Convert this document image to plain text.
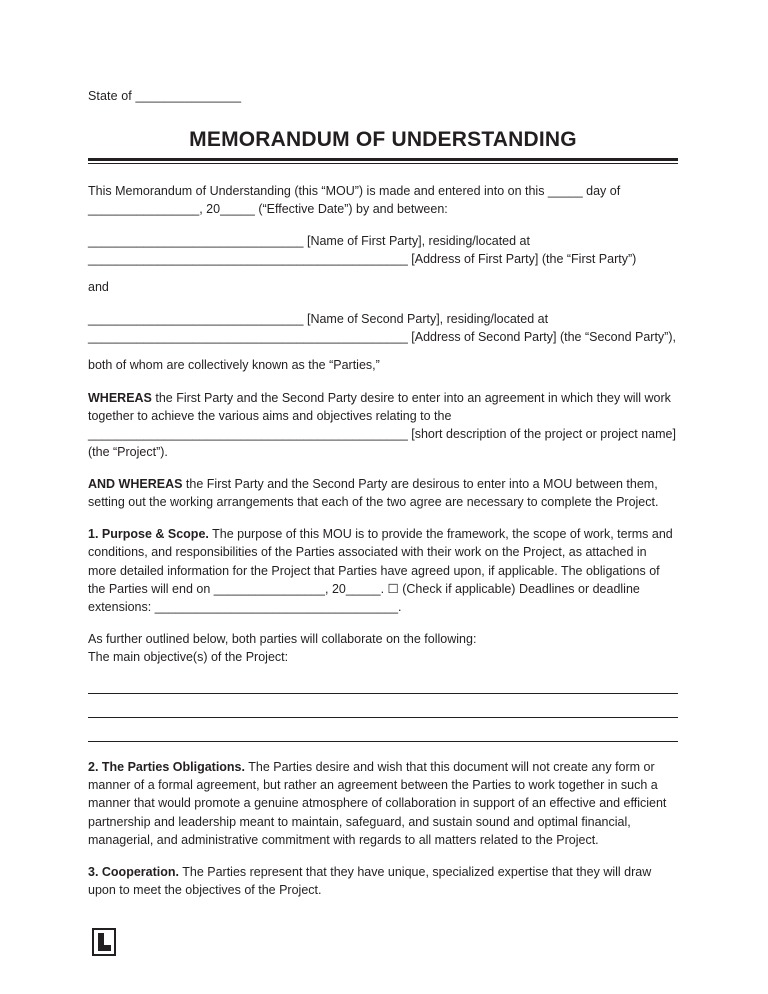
State of _______________

MEMORANDUM OF UNDERSTANDING

This Memorandum of Understanding (this “MOU”) is made and entered into on this _____ day of ________________, 20_____ (“Effective Date”) by and between:

_______________________________ [Name of First Party], residing/located at
______________________________________________ [Address of First Party] (the “First Party”)

and

_______________________________ [Name of Second Party], residing/located at
______________________________________________ [Address of Second Party] (the “Second Party”),

both of whom are collectively known as the “Parties,”

WHEREAS the First Party and the Second Party desire to enter into an agreement in which they will work together to achieve the various aims and objectives relating to the ______________________________________________ [short description of the project or project name] (the “Project”).

AND WHEREAS the First Party and the Second Party are desirous to enter into a MOU between them, setting out the working arrangements that each of the two agree are necessary to complete the Project.

1. Purpose & Scope. The purpose of this MOU is to provide the framework, the scope of work, terms and conditions, and responsibilities of the Parties associated with their work on the Project, as attached in more detailed information for the Project that Parties have agreed upon, if applicable. The obligations of the Parties will end on ________________, 20_____. ☐ (Check if applicable) Deadlines or deadline extensions: ___________________________________.

As further outlined below, both parties will collaborate on the following:
The main objective(s) of the Project:

2. The Parties Obligations. The Parties desire and wish that this document will not create any form or manner of a formal agreement, but rather an agreement between the Parties to work together in such a manner that would promote a genuine atmosphere of collaboration in support of an effective and efficient partnership and leadership meant to maintain, safeguard, and sustain sound and optimal financial, managerial, and administrative commitment with regards to all matters related to the Project.

3. Cooperation. The Parties represent that they have unique, specialized expertise that they will draw upon to meet the objectives of the Project.
